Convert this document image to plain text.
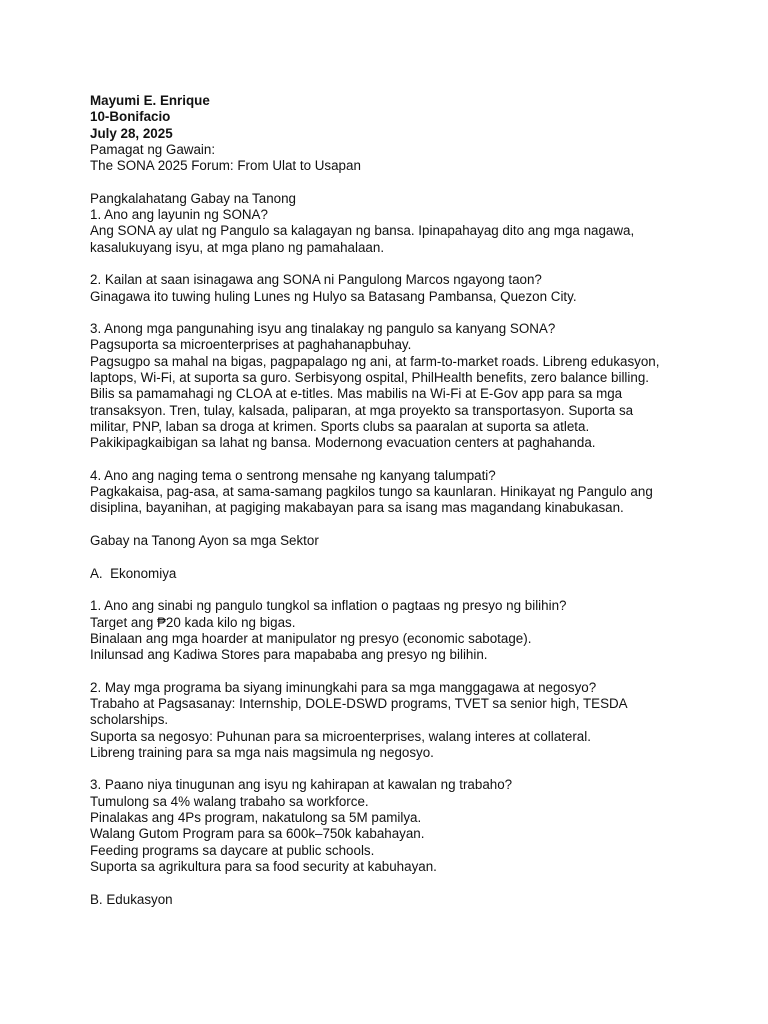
Mayumi E. Enrique
10-Bonifacio
July 28, 2025
Pamagat ng Gawain:
The SONA 2025 Forum: From Ulat to Usapan
Pangkalahatang Gabay na Tanong
1. Ano ang layunin ng SONA?
Ang SONA ay ulat ng Pangulo sa kalagayan ng bansa. Ipinapahayag dito ang mga nagawa,
kasalukuyang isyu, at mga plano ng pamahalaan.
2. Kailan at saan isinagawa ang SONA ni Pangulong Marcos ngayong taon?
Ginagawa ito tuwing huling Lunes ng Hulyo sa Batasang Pambansa, Quezon City.
3. Anong mga pangunahing isyu ang tinalakay ng pangulo sa kanyang SONA?
Pagsuporta sa microenterprises at paghahanapbuhay.
Pagsugpo sa mahal na bigas, pagpapalago ng ani, at farm-to-market roads. Libreng edukasyon,
laptops, Wi-Fi, at suporta sa guro. Serbisyong ospital, PhilHealth benefits, zero balance billing.
Bilis sa pamamahagi ng CLOA at e-titles. Mas mabilis na Wi-Fi at E-Gov app para sa mga
transaksyon. Tren, tulay, kalsada, paliparan, at mga proyekto sa transportasyon. Suporta sa
militar, PNP, laban sa droga at krimen. Sports clubs sa paaralan at suporta sa atleta.
Pakikipagkaibigan sa lahat ng bansa. Modernong evacuation centers at paghahanda.
4. Ano ang naging tema o sentrong mensahe ng kanyang talumpati?
Pagkakaisa, pag-asa, at sama-samang pagkilos tungo sa kaunlaran. Hinikayat ng Pangulo ang
disiplina, bayanihan, at pagiging makabayan para sa isang mas magandang kinabukasan.
Gabay na Tanong Ayon sa mga Sektor
A.  Ekonomiya
1. Ano ang sinabi ng pangulo tungkol sa inflation o pagtaas ng presyo ng bilihin?
Target ang ₱20 kada kilo ng bigas.
Binalaan ang mga hoarder at manipulator ng presyo (economic sabotage).
Inilunsad ang Kadiwa Stores para mapababa ang presyo ng bilihin.
2. May mga programa ba siyang iminungkahi para sa mga manggagawa at negosyo?
Trabaho at Pagsasanay: Internship, DOLE-DSWD programs, TVET sa senior high, TESDA
scholarships.
Suporta sa negosyo: Puhunan para sa microenterprises, walang interes at collateral.
Libreng training para sa mga nais magsimula ng negosyo.
3. Paano niya tinugunan ang isyu ng kahirapan at kawalan ng trabaho?
Tumulong sa 4% walang trabaho sa workforce.
Pinalakas ang 4Ps program, nakatulong sa 5M pamilya.
Walang Gutom Program para sa 600k–750k kabahayan.
Feeding programs sa daycare at public schools.
Suporta sa agrikultura para sa food security at kabuhayan.
B. Edukasyon
